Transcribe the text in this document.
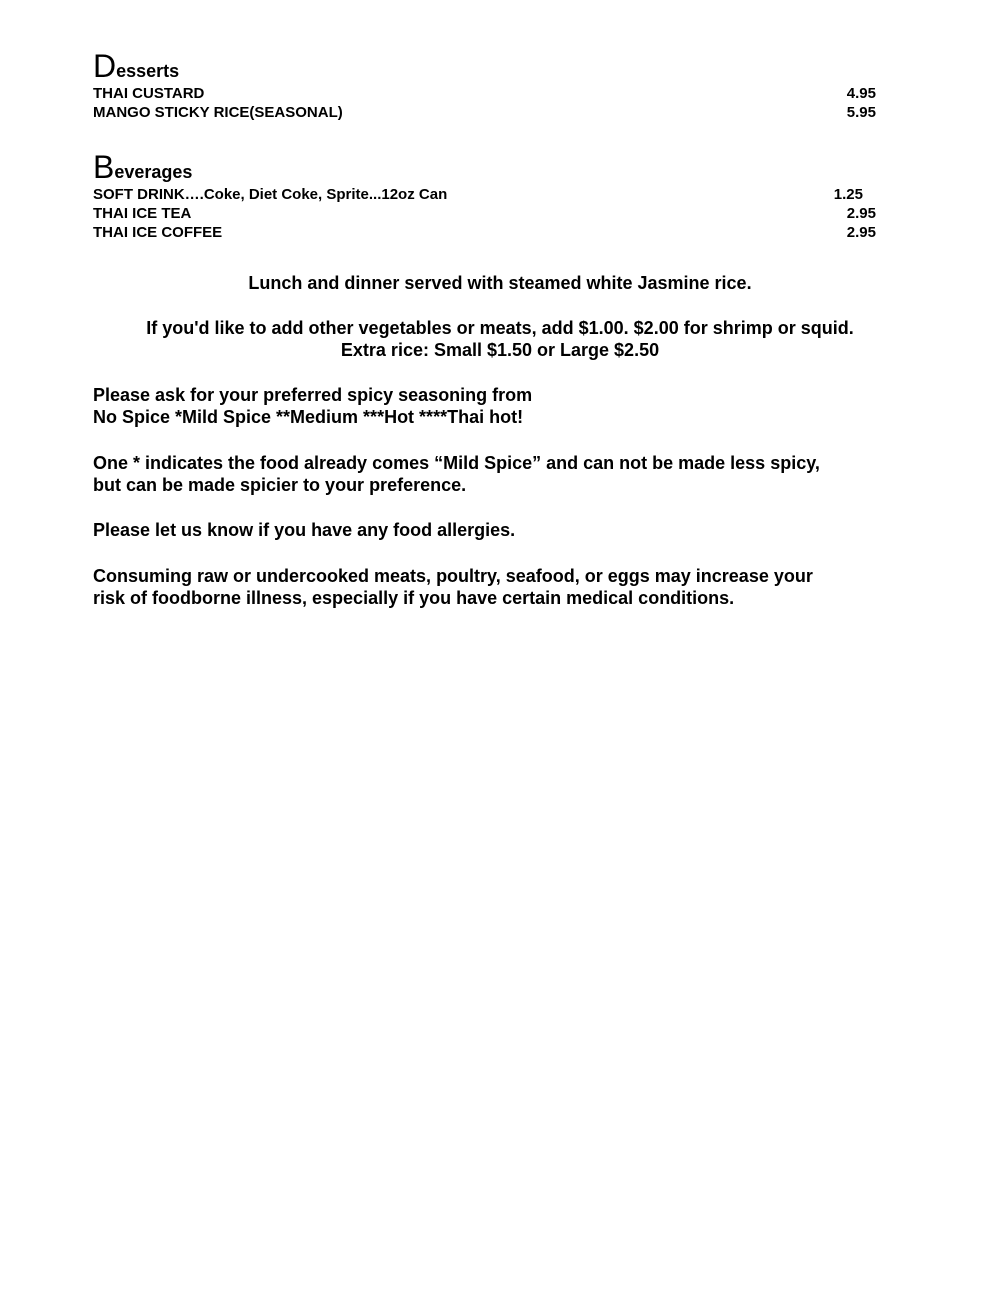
Desserts
THAI CUSTARD	4.95
MANGO STICKY RICE(SEASONAL)	5.95
Beverages
SOFT DRINK….Coke, Diet Coke, Sprite...12oz Can	1.25
THAI ICE TEA	2.95
THAI ICE COFFEE	2.95
Lunch and dinner served with steamed white Jasmine rice.
If you'd like to add other vegetables or meats, add $1.00. $2.00 for shrimp or squid.
Extra rice: Small $1.50 or Large $2.50
Please ask for your preferred spicy seasoning from
No Spice *Mild Spice **Medium ***Hot ****Thai hot!
One * indicates the food already comes “Mild Spice” and can not be made less spicy,
but can be made spicier to your preference.
Please let us know if you have any food allergies.
Consuming raw or undercooked meats, poultry, seafood, or eggs may increase your
risk of foodborne illness, especially if you have certain medical conditions.
